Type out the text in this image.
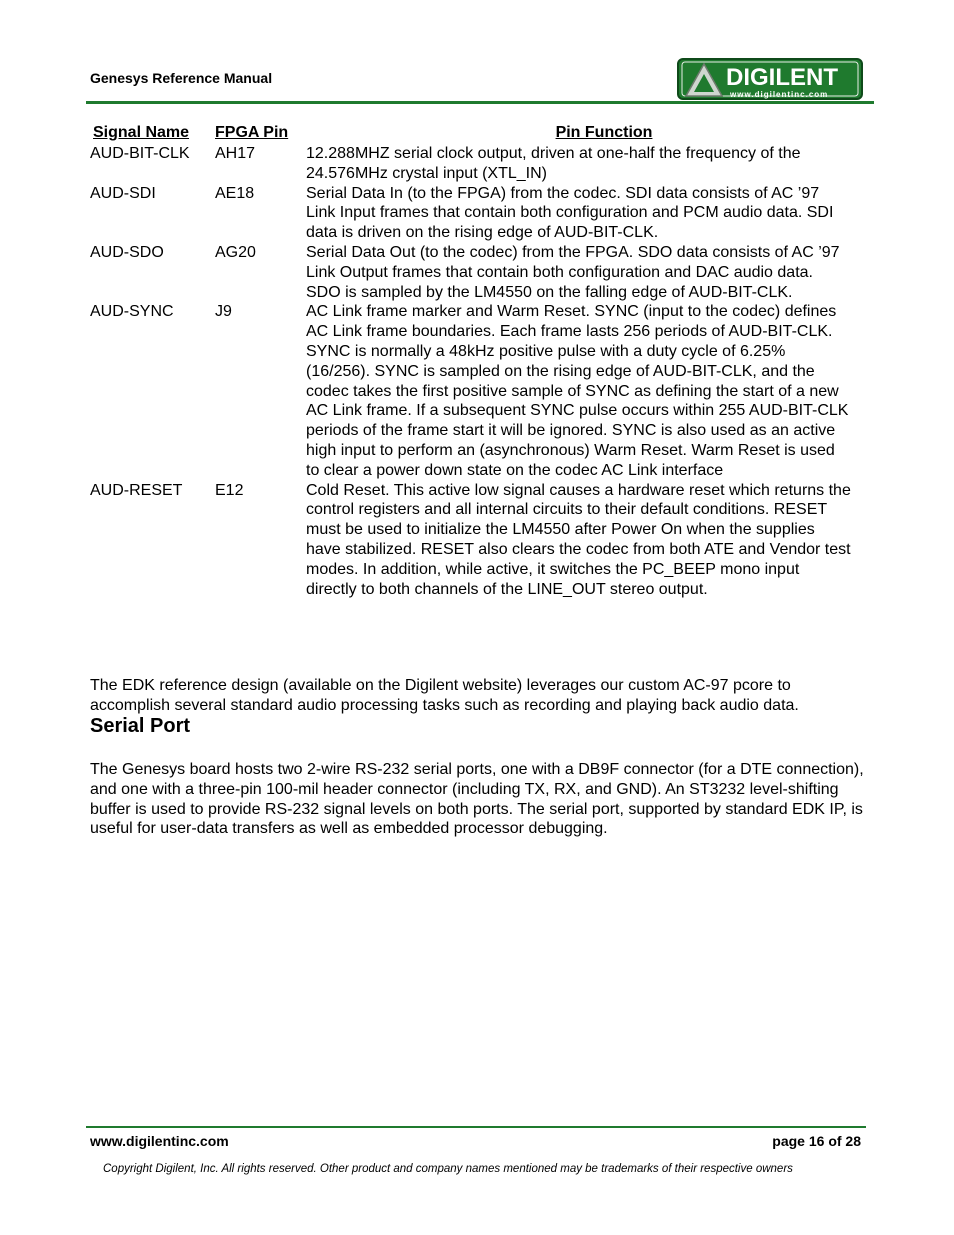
Genesys Reference Manual	DIGILENT
www.digilentinc.com
Signal Name	FPGA Pin	Pin Function
AUD-BIT-CLK	AH17	12.288MHZ serial clock output, driven at one-half the frequency of the 24.576MHz crystal input (XTL_IN)
AUD-SDI	AE18	Serial Data In (to the FPGA) from the codec. SDI data consists of AC ’97 Link Input frames that contain both configuration and PCM audio data. SDI data is driven on the rising edge of AUD-BIT-CLK.
AUD-SDO	AG20	Serial Data Out (to the codec) from the FPGA. SDO data consists of AC ’97 Link Output frames that contain both configuration and DAC audio data. SDO is sampled by the LM4550 on the falling edge of AUD-BIT-CLK.
AUD-SYNC	J9	AC Link frame marker and Warm Reset. SYNC (input to the codec) defines AC Link frame boundaries. Each frame lasts 256 periods of AUD-BIT-CLK. SYNC is normally a 48kHz positive pulse with a duty cycle of 6.25% (16/256). SYNC is sampled on the rising edge of AUD-BIT-CLK, and the codec takes the first positive sample of SYNC as defining the start of a new AC Link frame. If a subsequent SYNC pulse occurs within 255 AUD-BIT-CLK periods of the frame start it will be ignored. SYNC is also used as an active high input to perform an (asynchronous) Warm Reset. Warm Reset is used to clear a power down state on the codec AC Link interface
AUD-RESET	E12	Cold Reset. This active low signal causes a hardware reset which returns the control registers and all internal circuits to their default conditions. RESET must be used to initialize the LM4550 after Power On when the supplies have stabilized. RESET also clears the codec from both ATE and Vendor test modes. In addition, while active, it switches the PC_BEEP mono input directly to both channels of the LINE_OUT stereo output.
The EDK reference design (available on the Digilent website) leverages our custom AC-97 pcore to accomplish several standard audio processing tasks such as recording and playing back audio data.
Serial Port
The Genesys board hosts two 2-wire RS-232 serial ports, one with a DB9F connector (for a DTE connection), and one with a three-pin 100-mil header connector (including TX, RX, and GND). An ST3232 level-shifting buffer is used to provide RS-232 signal levels on both ports. The serial port, supported by standard EDK IP, is useful for user-data transfers as well as embedded processor debugging.
www.digilentinc.com	page 16 of 28
Copyright Digilent, Inc. All rights reserved. Other product and company names mentioned may be trademarks of their respective owners
